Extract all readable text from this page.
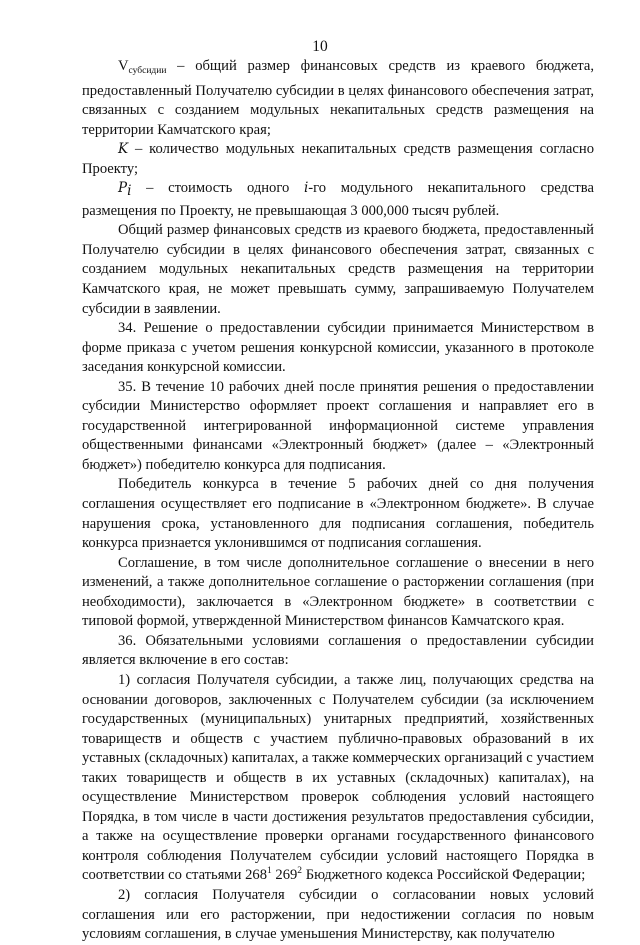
10

$V_{субсидии}$ – общий размер финансовых средств из краевого бюджета, предоставленный Получателю субсидии в целях финансового обеспечения затрат, связанных с созданием модульных некапитальных средств размещения на территории Камчатского края;

K – количество модульных некапитальных средств размещения согласно Проекту;

Pi – стоимость одного i-го модульного некапитального средства размещения по Проекту, не превышающая 3 000,000 тысяч рублей.

Общий размер финансовых средств из краевого бюджета, предоставленный Получателю субсидии в целях финансового обеспечения затрат, связанных с созданием модульных некапитальных средств размещения на территории Камчатского края, не может превышать сумму, запрашиваемую Получателем субсидии в заявлении.

34. Решение о предоставлении субсидии принимается Министерством в форме приказа с учетом решения конкурсной комиссии, указанного в протоколе заседания конкурсной комиссии.

35. В течение 10 рабочих дней после принятия решения о предоставлении субсидии Министерство оформляет проект соглашения и направляет его в государственной интегрированной информационной системе управления общественными финансами «Электронный бюджет» (далее – «Электронный бюджет») победителю конкурса для подписания.

Победитель конкурса в течение 5 рабочих дней со дня получения соглашения осуществляет его подписание в «Электронном бюджете». В случае нарушения срока, установленного для подписания соглашения, победитель конкурса признается уклонившимся от подписания соглашения.

Соглашение, в том числе дополнительное соглашение о внесении в него изменений, а также дополнительное соглашение о расторжении соглашения (при необходимости), заключается в «Электронном бюджете» в соответствии с типовой формой, утвержденной Министерством финансов Камчатского края.

36. Обязательными условиями соглашения о предоставлении субсидии является включение в его состав:

1) согласия Получателя субсидии, а также лиц, получающих средства на основании договоров, заключенных с Получателем субсидии (за исключением государственных (муниципальных) унитарных предприятий, хозяйственных товариществ и обществ с участием публично-правовых образований в их уставных (складочных) капиталах, а также коммерческих организаций с участием таких товариществ и обществ в их уставных (складочных) капиталах), на осуществление Министерством проверок соблюдения условий настоящего Порядка, в том числе в части достижения результатов предоставления субсидии, а также на осуществление проверки органами государственного финансового контроля соблюдения Получателем субсидии условий настоящего Порядка в соответствии со статьями $268^1$ $269^2$ Бюджетного кодекса Российской Федерации;

2) согласия Получателя субсидии о согласовании новых условий соглашения или его расторжении, при недостижении согласия по новым условиям соглашения, в случае уменьшения Министерству, как получателю
